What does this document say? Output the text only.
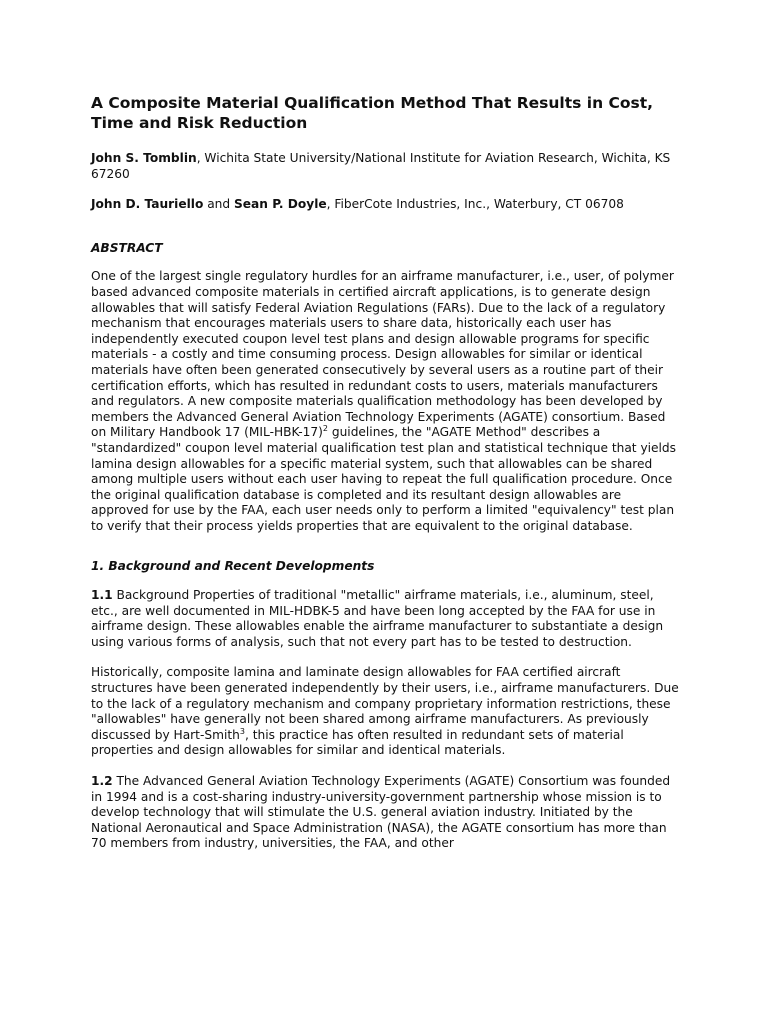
A Composite Material Qualification Method That Results in Cost, Time and Risk Reduction

John S. Tomblin, Wichita State University/National Institute for Aviation Research, Wichita, KS 67260

John D. Tauriello and Sean P. Doyle, FiberCote Industries, Inc., Waterbury, CT 06708

ABSTRACT

One of the largest single regulatory hurdles for an airframe manufacturer, i.e., user, of polymer based advanced composite materials in certified aircraft applications, is to generate design allowables that will satisfy Federal Aviation Regulations (FARs). Due to the lack of a regulatory mechanism that encourages materials users to share data, historically each user has independently executed coupon level test plans and design allowable programs for specific materials - a costly and time consuming process. Design allowables for similar or identical materials have often been generated consecutively by several users as a routine part of their certification efforts, which has resulted in redundant costs to users, materials manufacturers and regulators. A new composite materials qualification methodology has been developed by members the Advanced General Aviation Technology Experiments (AGATE) consortium. Based on Military Handbook 17 $(MIL-HBK-17)^2$ guidelines, the "AGATE Method" describes a "standardized" coupon level material qualification test plan and statistical technique that yields lamina design allowables for a specific material system, such that allowables can be shared among multiple users without each user having to repeat the full qualification procedure. Once the original qualification database is completed and its resultant design allowables are approved for use by the FAA, each user needs only to perform a limited "equivalency" test plan to verify that their process yields properties that are equivalent to the original database.

1. Background and Recent Developments

1.1 Background Properties of traditional "metallic" airframe materials, i.e., aluminum, steel, etc., are well documented in MIL-HDBK-5 and have been long accepted by the FAA for use in airframe design. These allowables enable the airframe manufacturer to substantiate a design using various forms of analysis, such that not every part has to be tested to destruction.

Historically, composite lamina and laminate design allowables for FAA certified aircraft structures have been generated independently by their users, i.e., airframe manufacturers. Due to the lack of a regulatory mechanism and company proprietary information restrictions, these "allowables" have generally not been shared among airframe manufacturers. As previously discussed by Hart-Smith$^3$, this practice has often resulted in redundant sets of material properties and design allowables for similar and identical materials.

1.2 The Advanced General Aviation Technology Experiments (AGATE) Consortium was founded in 1994 and is a cost-sharing industry-university-government partnership whose mission is to develop technology that will stimulate the U.S. general aviation industry. Initiated by the National Aeronautical and Space Administration (NASA), the AGATE consortium has more than 70 members from industry, universities, the FAA, and other
